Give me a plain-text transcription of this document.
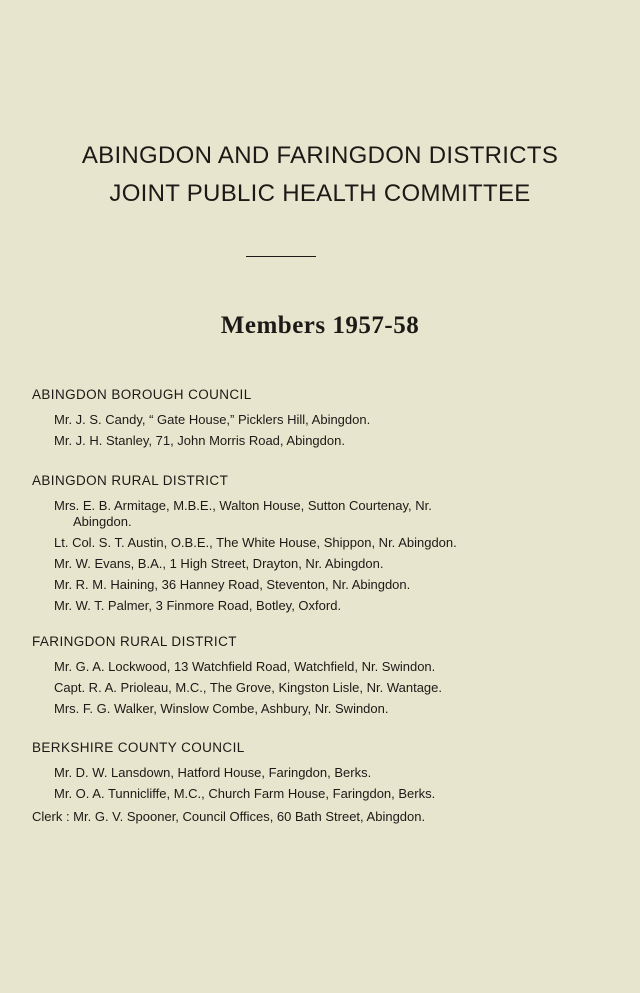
ABINGDON AND FARINGDON DISTRICTS
JOINT PUBLIC HEALTH COMMITTEE
Members 1957-58
ABINGDON BOROUGH COUNCIL
Mr. J. S. Candy, “ Gate House,” Picklers Hill, Abingdon.
Mr. J. H. Stanley, 71, John Morris Road, Abingdon.
ABINGDON RURAL DISTRICT
Mrs. E. B. Armitage, M.B.E., Walton House, Sutton Courtenay, Nr.
Abingdon.
Lt. Col. S. T. Austin, O.B.E., The White House, Shippon, Nr. Abingdon.
Mr. W. Evans, B.A., 1 High Street, Drayton, Nr. Abingdon.
Mr. R. M. Haining, 36 Hanney Road, Steventon, Nr. Abingdon.
Mr. W. T. Palmer, 3 Finmore Road, Botley, Oxford.
FARINGDON RURAL DISTRICT
Mr. G. A. Lockwood, 13 Watchfield Road, Watchfield, Nr. Swindon.
Capt. R. A. Prioleau, M.C., The Grove, Kingston Lisle, Nr. Wantage.
Mrs. F. G. Walker, Winslow Combe, Ashbury, Nr. Swindon.
BERKSHIRE COUNTY COUNCIL
Mr. D. W. Lansdown, Hatford House, Faringdon, Berks.
Mr. O. A. Tunnicliffe, M.C., Church Farm House, Faringdon, Berks.
Clerk : Mr. G. V. Spooner, Council Offices, 60 Bath Street, Abingdon.
